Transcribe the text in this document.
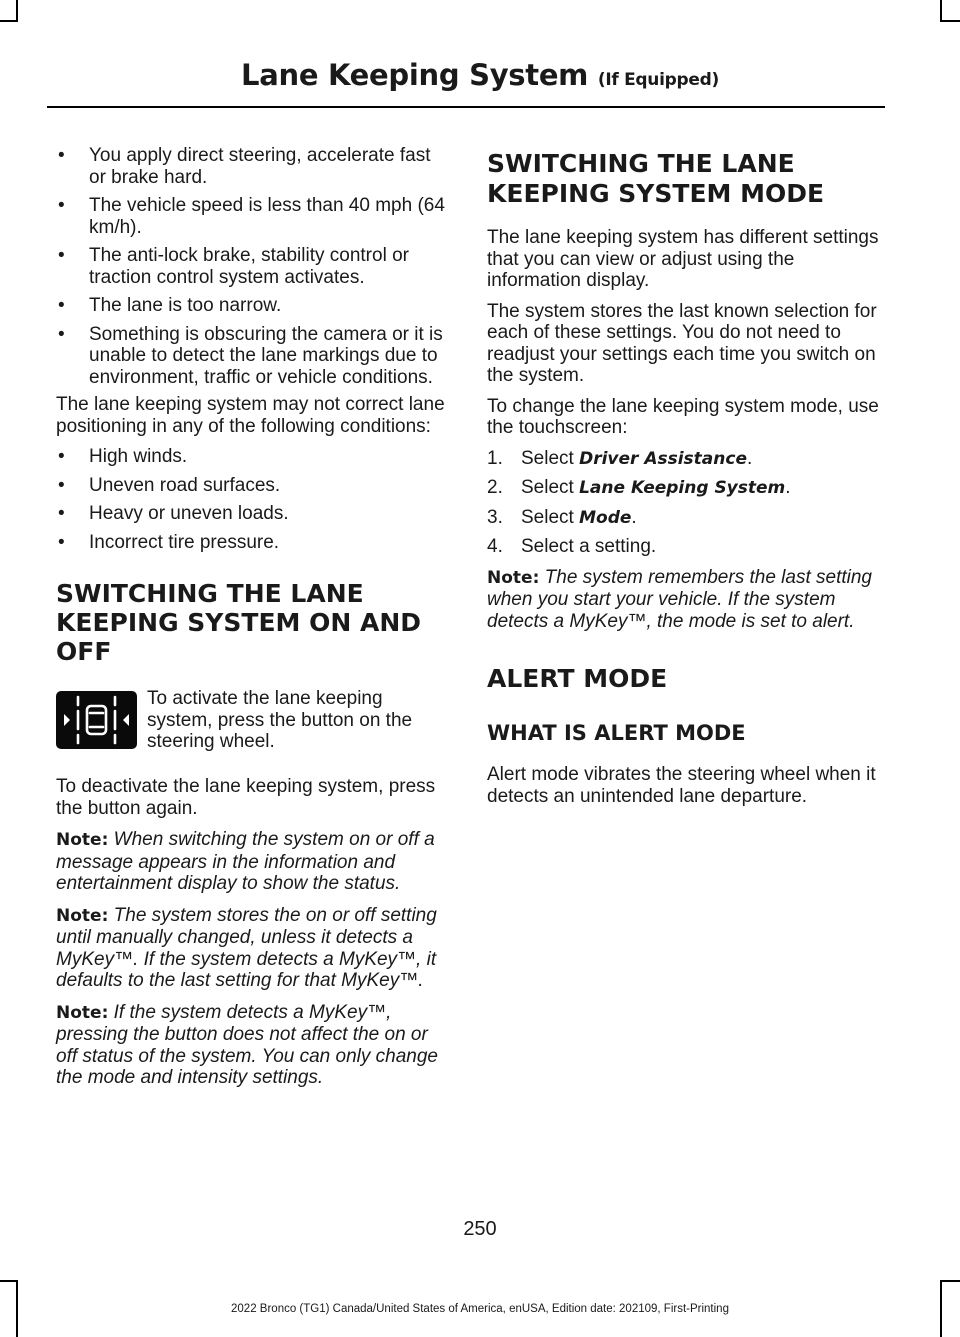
Lane Keeping System (If Equipped)
• You apply direct steering, accelerate fast or brake hard.
• The vehicle speed is less than 40 mph (64 km/h).
• The anti-lock brake, stability control or traction control system activates.
• The lane is too narrow.
• Something is obscuring the camera or it is unable to detect the lane markings due to environment, traffic or vehicle conditions.

The lane keeping system may not correct lane positioning in any of the following conditions:

• High winds.
• Uneven road surfaces.
• Heavy or uneven loads.
• Incorrect tire pressure.
SWITCHING THE LANE
KEEPING SYSTEM ON AND
OFF

To activate the lane keeping system, press the button on the steering wheel.

To deactivate the lane keeping system, press the button again.

Note: When switching the system on or off a message appears in the information and entertainment display to show the status.

Note: The system stores the on or off setting until manually changed, unless it detects a MyKey™. If the system detects a MyKey™, it defaults to the last setting for that MyKey™.

Note: If the system detects a MyKey™, pressing the button does not affect the on or off status of the system. You can only change the mode and intensity settings.

SWITCHING THE LANE
KEEPING SYSTEM MODE

The lane keeping system has different settings that you can view or adjust using the information display.

The system stores the last known selection for each of these settings. You do not need to readjust your settings each time you switch on the system.

To change the lane keeping system mode, use the touchscreen:

1. Select Driver Assistance.
2. Select Lane Keeping System.
3. Select Mode.
4. Select a setting.

Note: The system remembers the last setting when you start your vehicle. If the system detects a MyKey™, the mode is set to alert.

ALERT MODE
WHAT IS ALERT MODE

Alert mode vibrates the steering wheel when it detects an unintended lane departure.

250
2022 Bronco (TG1) Canada/United States of America, enUSA, Edition date: 202109, First-Printing
